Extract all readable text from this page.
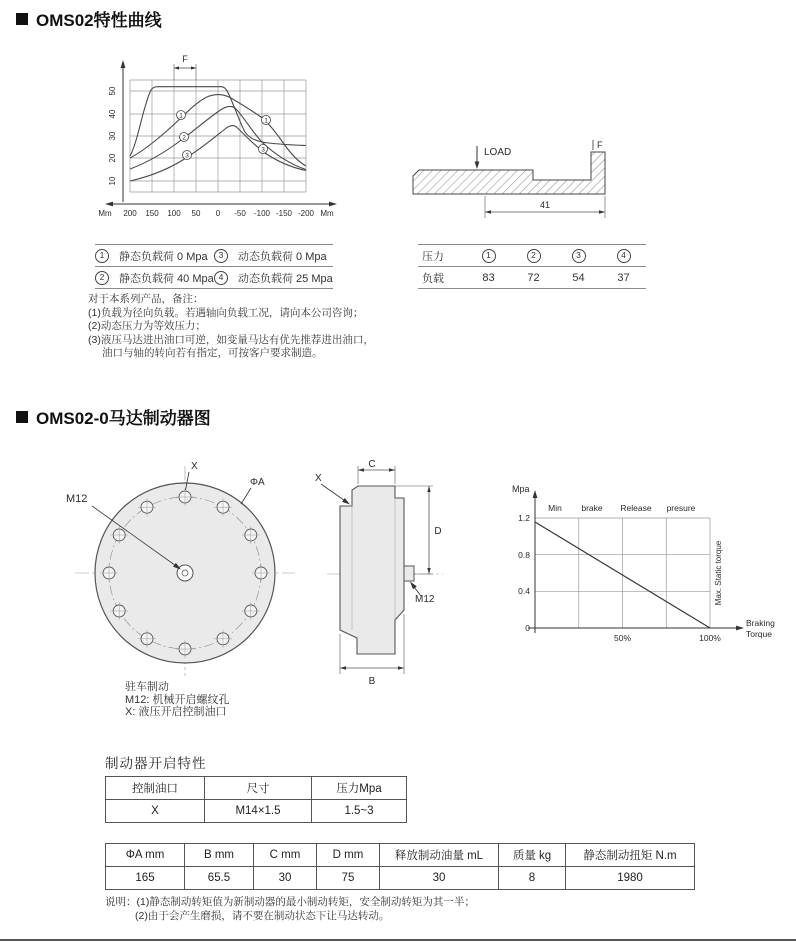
OMS02特性曲线
F
1
2
3
1
3
200 150 100 50 0 -50 -100 -150 -200
Mm	Mm
10
20
30
40
50
LOAD
F
41
1	静态负载荷 0 Mpa	3	动态负载荷 0 Mpa
2	静态负载荷 40 Mpa 4	动态负载荷 25 Mpa
压力	1	2	3	4
负载	83	72	54	37
对于本系列产品，备注：
(1)负载为径向负载。若遇轴向负载工况，请向本公司咨询；
(2)动态压力为等效压力；
(3)液压马达进出油口可逆，如变量马达有优先推荐进出油口，
油口与轴的转向若有指定，可按客户要求制造。
OMS02-0马达制动器图
M12
X
ΦA
C
X
D
M12
B
Mpa
Min brake Release presure
1.2
0.8
0.4
0
50%	100%
Max. Static torque
Braking
Torque
驻车制动
M12: 机械开启螺纹孔
X: 液压开启控制油口
制动器开启特性
控制油口	尺寸	压力Mpa
X	M14×1.5	1.5~3
ΦA mm	B mm	C mm	D mm	释放制动油量 mL	质量 kg	静态制动扭矩 N.m
165	65.5	30	75	30	8	1980
说明：(1)静态制动转矩值为新制动器的最小制动转矩，安全制动转矩为其一半；
(2)由于会产生磨损，请不要在制动状态下让马达转动。
